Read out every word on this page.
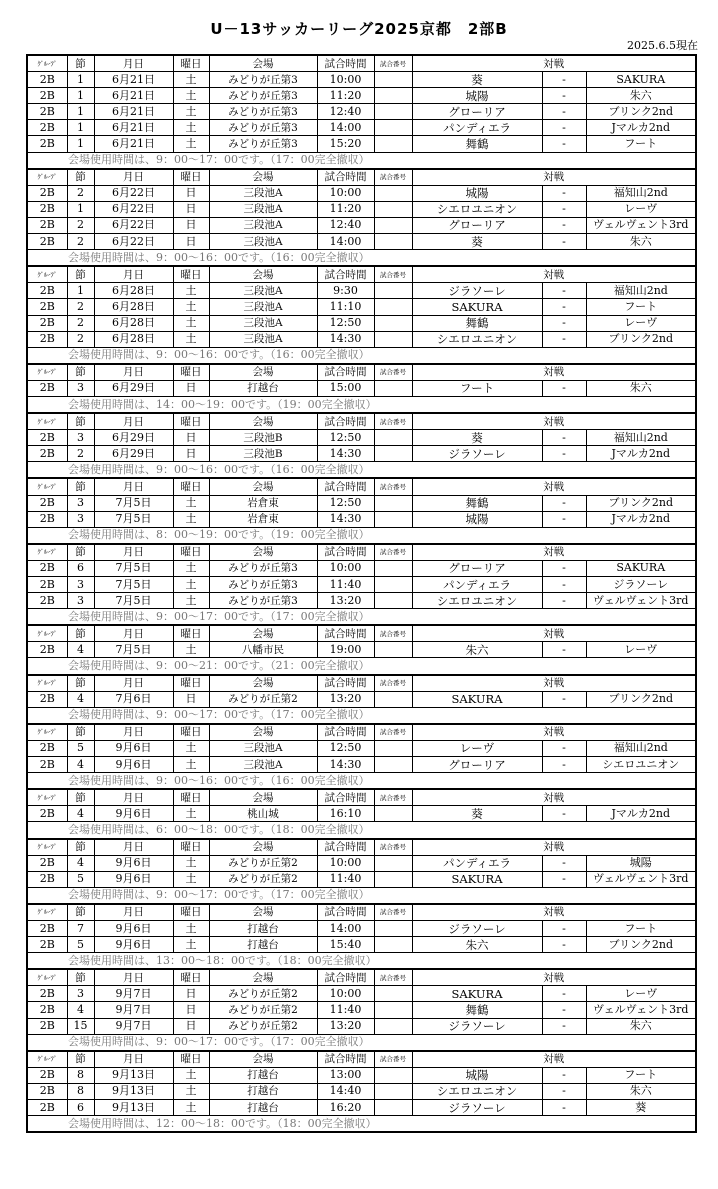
U－13サッカーリーグ2025京都　2部B
2025.6.5現在
ｸﾞﾙｰﾌﾟ	節	月日	曜日	会場	試合時間	試合番号	対戦		
2B	1	6月21日	土	みどりが丘第3	10:00		葵	-	SAKURA
2B	1	6月21日	土	みどりが丘第3	11:20		城陽	-	朱六
2B	1	6月21日	土	みどりが丘第3	12:40		グローリア	-	ブリンク2nd
2B	1	6月21日	土	みどりが丘第3	14:00		パンディエラ	-	Jマルカ2nd
2B	1	6月21日	土	みどりが丘第3	15:20		舞鶴	-	フート
	会場使用時間は、9：00～17：00です。（17：00完全撤収）								
ｸﾞﾙｰﾌﾟ	節	月日	曜日	会場	試合時間	試合番号	対戦		
2B	2	6月22日	日	三段池A	10:00		城陽	-	福知山2nd
2B	1	6月22日	日	三段池A	11:20		シエロユニオン	-	レーヴ
2B	2	6月22日	日	三段池A	12:40		グローリア	-	ヴェルヴェント3rd
2B	2	6月22日	日	三段池A	14:00		葵	-	朱六
	会場使用時間は、9：00～16：00です。（16：00完全撤収）								
ｸﾞﾙｰﾌﾟ	節	月日	曜日	会場	試合時間	試合番号	対戦		
2B	1	6月28日	土	三段池A	9:30		ジラソーレ	-	福知山2nd
2B	2	6月28日	土	三段池A	11:10		SAKURA	-	フート
2B	2	6月28日	土	三段池A	12:50		舞鶴	-	レーヴ
2B	2	6月28日	土	三段池A	14:30		シエロユニオン	-	ブリンク2nd
	会場使用時間は、9：00～16：00です。（16：00完全撤収）								
ｸﾞﾙｰﾌﾟ	節	月日	曜日	会場	試合時間	試合番号	対戦		
2B	3	6月29日	日	打越台	15:00		フート	-	朱六
	会場使用時間は、14：00～19：00です。（19：00完全撤収）								
ｸﾞﾙｰﾌﾟ	節	月日	曜日	会場	試合時間	試合番号	対戦		
2B	3	6月29日	日	三段池B	12:50		葵	-	福知山2nd
2B	2	6月29日	日	三段池B	14:30		ジラソーレ	-	Jマルカ2nd
	会場使用時間は、9：00～16：00です。（16：00完全撤収）								
ｸﾞﾙｰﾌﾟ	節	月日	曜日	会場	試合時間	試合番号	対戦		
2B	3	7月5日	土	岩倉東	12:50		舞鶴	-	ブリンク2nd
2B	3	7月5日	土	岩倉東	14:30		城陽	-	Jマルカ2nd
	会場使用時間は、8：00～19：00です。（19：00完全撤収）								
ｸﾞﾙｰﾌﾟ	節	月日	曜日	会場	試合時間	試合番号	対戦		
2B	6	7月5日	土	みどりが丘第3	10:00		グローリア	-	SAKURA
2B	3	7月5日	土	みどりが丘第3	11:40		パンディエラ	-	ジラソーレ
2B	3	7月5日	土	みどりが丘第3	13:20		シエロユニオン	-	ヴェルヴェント3rd
	会場使用時間は、9：00～17：00です。（17：00完全撤収）								
ｸﾞﾙｰﾌﾟ	節	月日	曜日	会場	試合時間	試合番号	対戦		
2B	4	7月5日	土	八幡市民	19:00		朱六	-	レーヴ
	会場使用時間は、9：00～21：00です。（21：00完全撤収）								
ｸﾞﾙｰﾌﾟ	節	月日	曜日	会場	試合時間	試合番号	対戦		
2B	4	7月6日	日	みどりが丘第2	13:20		SAKURA	-	ブリンク2nd
	会場使用時間は、9：00～17：00です。（17：00完全撤収）								
ｸﾞﾙｰﾌﾟ	節	月日	曜日	会場	試合時間	試合番号	対戦		
2B	5	9月6日	土	三段池A	12:50		レーヴ	-	福知山2nd
2B	4	9月6日	土	三段池A	14:30		グローリア	-	シエロユニオン
	会場使用時間は、9：00～16：00です。（16：00完全撤収）								
ｸﾞﾙｰﾌﾟ	節	月日	曜日	会場	試合時間	試合番号	対戦		
2B	4	9月6日	土	桃山城	16:10		葵	-	Jマルカ2nd
	会場使用時間は、6：00～18：00です。（18：00完全撤収）								
ｸﾞﾙｰﾌﾟ	節	月日	曜日	会場	試合時間	試合番号	対戦		
2B	4	9月6日	土	みどりが丘第2	10:00		パンディエラ	-	城陽
2B	5	9月6日	土	みどりが丘第2	11:40		SAKURA	-	ヴェルヴェント3rd
	会場使用時間は、9：00～17：00です。（17：00完全撤収）								
ｸﾞﾙｰﾌﾟ	節	月日	曜日	会場	試合時間	試合番号	対戦		
2B	7	9月6日	土	打越台	14:00		ジラソーレ	-	フート
2B	5	9月6日	土	打越台	15:40		朱六	-	ブリンク2nd
	会場使用時間は、13：00～18：00です。（18：00完全撤収）								
ｸﾞﾙｰﾌﾟ	節	月日	曜日	会場	試合時間	試合番号	対戦		
2B	3	9月7日	日	みどりが丘第2	10:00		SAKURA	-	レーヴ
2B	4	9月7日	日	みどりが丘第2	11:40		舞鶴	-	ヴェルヴェント3rd
2B	15	9月7日	日	みどりが丘第2	13:20		ジラソーレ	-	朱六
	会場使用時間は、9：00～17：00です。（17：00完全撤収）								
ｸﾞﾙｰﾌﾟ	節	月日	曜日	会場	試合時間	試合番号	対戦		
2B	8	9月13日	土	打越台	13:00		城陽	-	フート
2B	8	9月13日	土	打越台	14:40		シエロユニオン	-	朱六
2B	6	9月13日	土	打越台	16:20		ジラソーレ	-	葵
	会場使用時間は、12：00～18：00です。（18：00完全撤収）								
